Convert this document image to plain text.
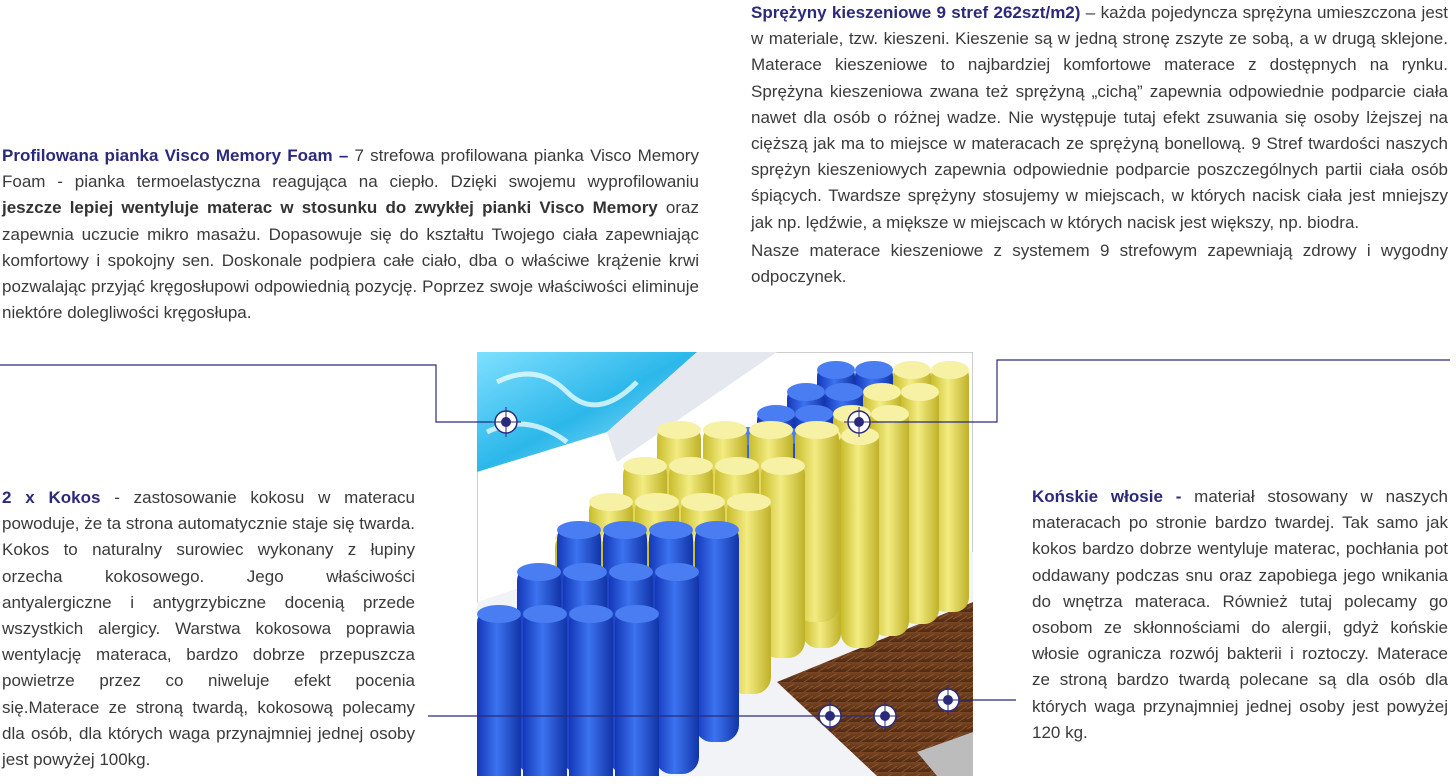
Sprężyny kieszeniowe 9 stref 262szt/m2) – każda pojedyncza sprężyna umieszczona jest w materiale, tzw. kieszeni. Kieszenie są w jedną stronę zszyte ze sobą, a w drugą sklejone. Materace kieszeniowe to najbardziej komfortowe materace z dostępnych na rynku. Sprężyna kieszeniowa zwana też sprężyną „cichą” zapewnia odpowiednie podparcie ciała nawet dla osób o różnej wadze. Nie występuje tutaj efekt zsuwania się osoby lżejszej na cięższą jak ma to miejsce w materacach ze sprężyną bonellową. 9 Stref twardości naszych sprężyn kieszeniowych zapewnia odpowiednie podparcie poszczególnych partii ciała osób śpiących. Twardsze sprężyny stosujemy w miejscach, w których nacisk ciała jest mniejszy jak np. lędźwie, a miększe w miejscach w których nacisk jest większy, np. biodra.

Nasze materace kieszeniowe z systemem 9 strefowym zapewniają zdrowy i wygodny odpoczynek.

Profilowana pianka Visco Memory Foam – 7 strefowa profilowana pianka Visco Memory Foam - pianka termoelastyczna reagująca na ciepło. Dzięki swojemu wyprofilowaniu jeszcze lepiej wentyluje materac w stosunku do zwykłej pianki Visco Memory oraz zapewnia uczucie mikro masażu. Dopasowuje się do kształtu Twojego ciała zapewniając komfortowy i spokojny sen. Doskonale podpiera całe ciało, dba o właściwe krążenie krwi pozwalając przyjąć kręgosłupowi odpowiednią pozycję. Poprzez swoje właściwości eliminuje niektóre dolegliwości kręgosłupa.

2 x Kokos - zastosowanie kokosu w materacu powoduje, że ta strona automatycznie staje się twarda. Kokos to naturalny surowiec wykonany z łupiny orzecha kokosowego. Jego właściwości antyalergiczne i antygrzybiczne docenią przede wszystkich alergicy. Warstwa kokosowa poprawia wentylację materaca, bardzo dobrze przepuszcza powietrze przez co niweluje efekt pocenia się.Materace ze stroną twardą, kokosową polecamy dla osób, dla których waga przynajmniej jednej osoby jest powyżej 100kg.

Końskie włosie - materiał stosowany w naszych materacach po stronie bardzo twardej. Tak samo jak kokos bardzo dobrze wentyluje materac, pochłania pot oddawany podczas snu oraz zapobiega jego wnikania do wnętrza materaca. Również tutaj polecamy go osobom ze skłonnościami do alergii, gdyż końskie włosie ogranicza rozwój bakterii i roztoczy. Materace ze stroną bardzo twardą polecane są dla osób dla których waga przynajmniej jednej osoby jest powyżej 120 kg.
